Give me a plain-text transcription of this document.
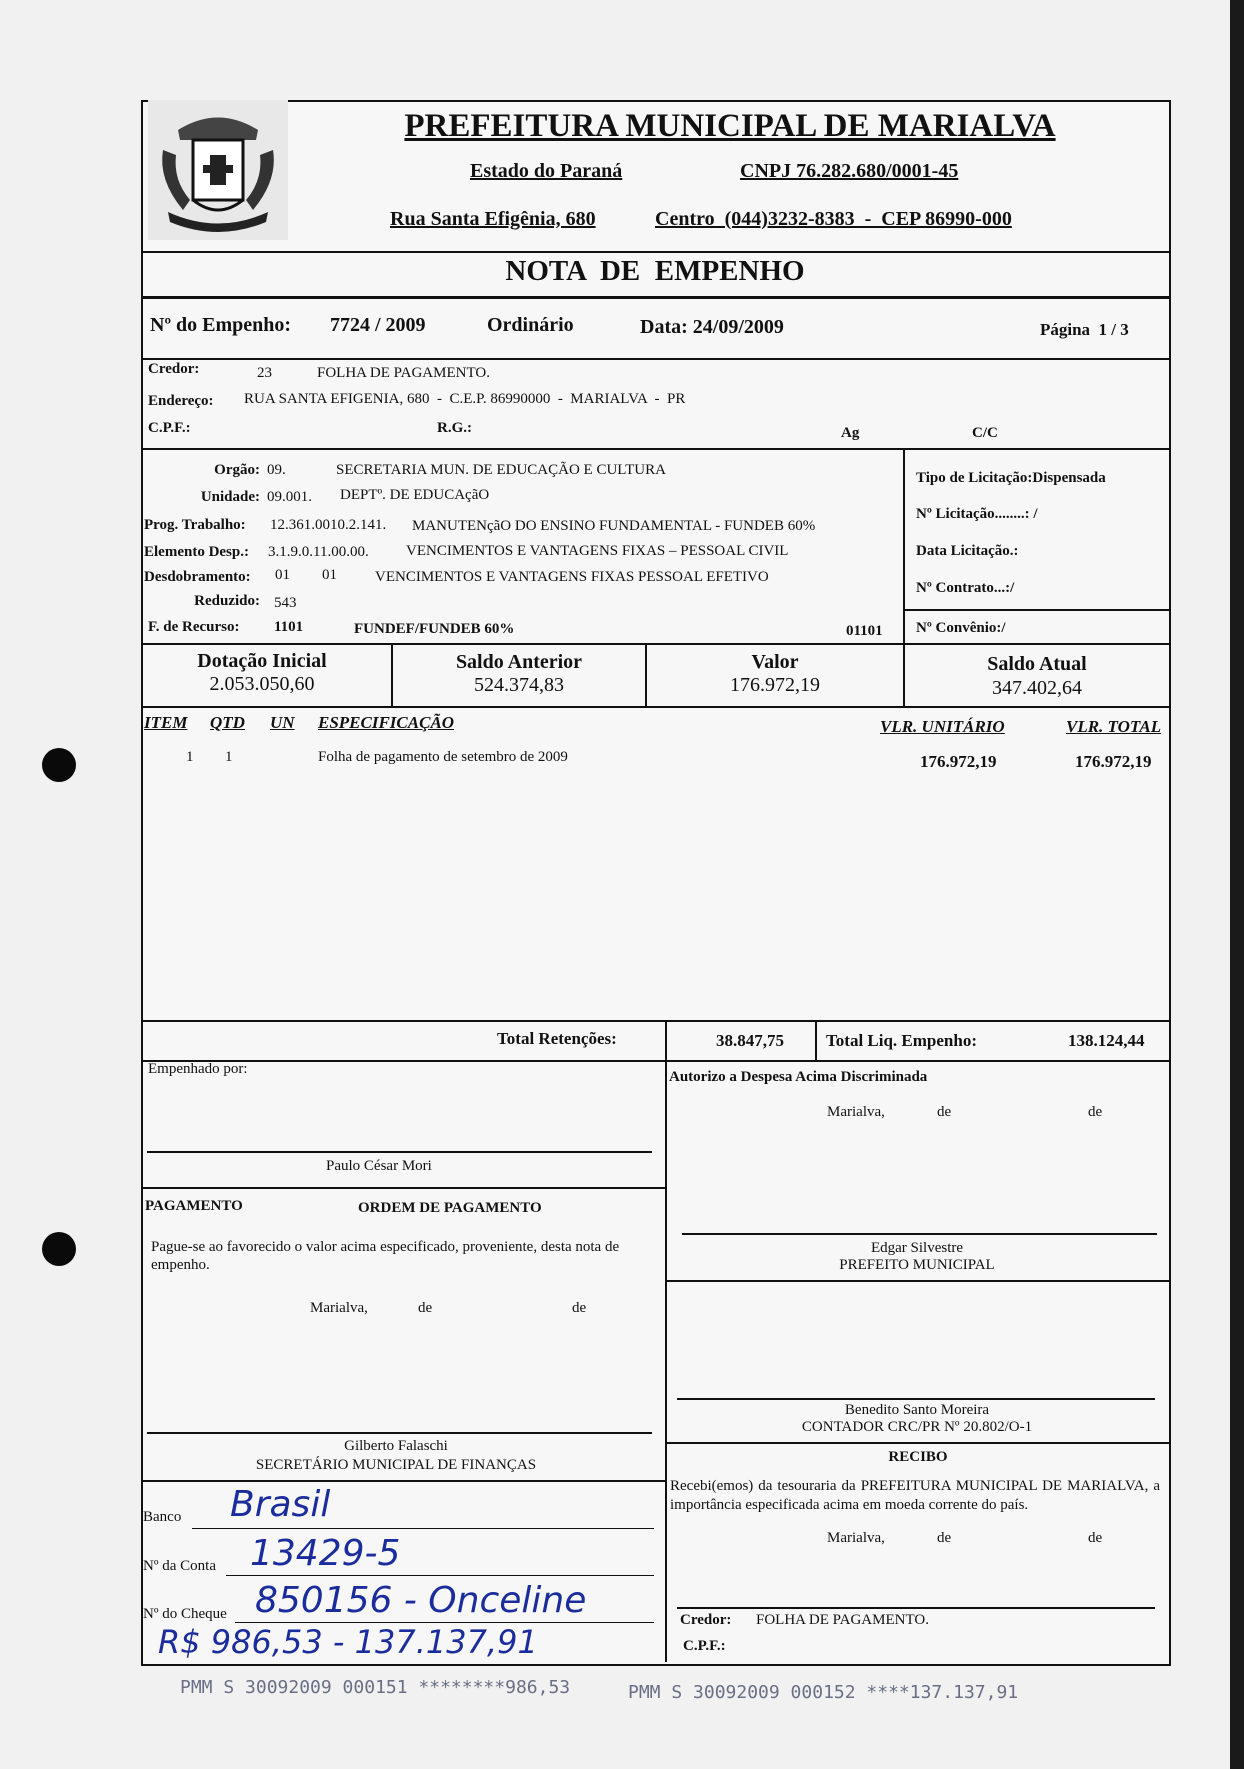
PREFEITURA MUNICIPAL DE MARIALVA
Estado do Paraná	CNPJ 76.282.680/0001-45
Rua Santa Efigênia, 680	Centro  (044)3232-8383  -  CEP 86990-000
NOTA  DE  EMPENHO
Nº do Empenho: 7724 / 2009	Ordinário	Data: 24/09/2009	Página  1 / 3
Credor:	23	FOLHA DE PAGAMENTO.
Endereço: RUA SANTA EFIGENIA, 680  -  C.E.P. 86990000  -  MARIALVA  -  PR
C.P.F.:	R.G.:	Ag	C/C
Orgão: 09.	SECRETARIA MUN. DE EDUCAÇÃO E CULTURA
Unidade: 09.001. DEPTº. DE EDUCAçãO
Prog. Trabalho: 12.361.0010.2.141. MANUTENçãO DO ENSINO FUNDAMENTAL - FUNDEB 60%
Elemento Desp.: 3.1.9.0.11.00.00. VENCIMENTOS E VANTAGENS FIXAS – PESSOAL CIVIL
Desdobramento: 01 01	VENCIMENTOS E VANTAGENS FIXAS PESSOAL EFETIVO
Reduzido: 543
F. de Recurso: 1101	FUNDEF/FUNDEB 60%	01101
Tipo de Licitação:Dispensada
Nº Licitação........: /
Data Licitação.:
Nº Contrato...:/
Nº Convênio:/
Dotação Inicial
2.053.050,60
Saldo Anterior
524.374,83
Valor
176.972,19
Saldo Atual
347.402,64
ITEM QTD UN ESPECIFICAÇÃO	VLR. UNITÁRIO	VLR. TOTAL
1 1	Folha de pagamento de setembro de 2009	176.972,19	176.972,19
Total Retenções:	38.847,75 Total Liq. Empenho:	138.124,44
Empenhado por:
Paulo César Mori
Autorizo a Despesa Acima Discriminada
Marialva,	de	de
Edgar Silvestre
PREFEITO MUNICIPAL
PAGAMENTO	ORDEM DE PAGAMENTO
Pague-se ao favorecido o valor acima especificado, proveniente, desta nota de empenho.
Marialva,	de	de
Benedito Santo Moreira
CONTADOR CRC/PR Nº 20.802/O-1
Gilberto Falaschi
SECRETÁRIO MUNICIPAL DE FINANÇAS	RECIBO
Recebi(emos) da tesouraria da PREFEITURA MUNICIPAL DE MARIALVA, a importância especificada acima em moeda corrente do país.
Marialva,	de	de
Banco Brasil
Nº da Conta 13429-5
Nº do Cheque 850156 - Onceline
R$ 986,53 - 137.137,91
Credor: FOLHA DE PAGAMENTO.
C.P.F.:
PMM S 30092009 000151 ********986,53	PMM S 30092009 000152 ****137.137,91
